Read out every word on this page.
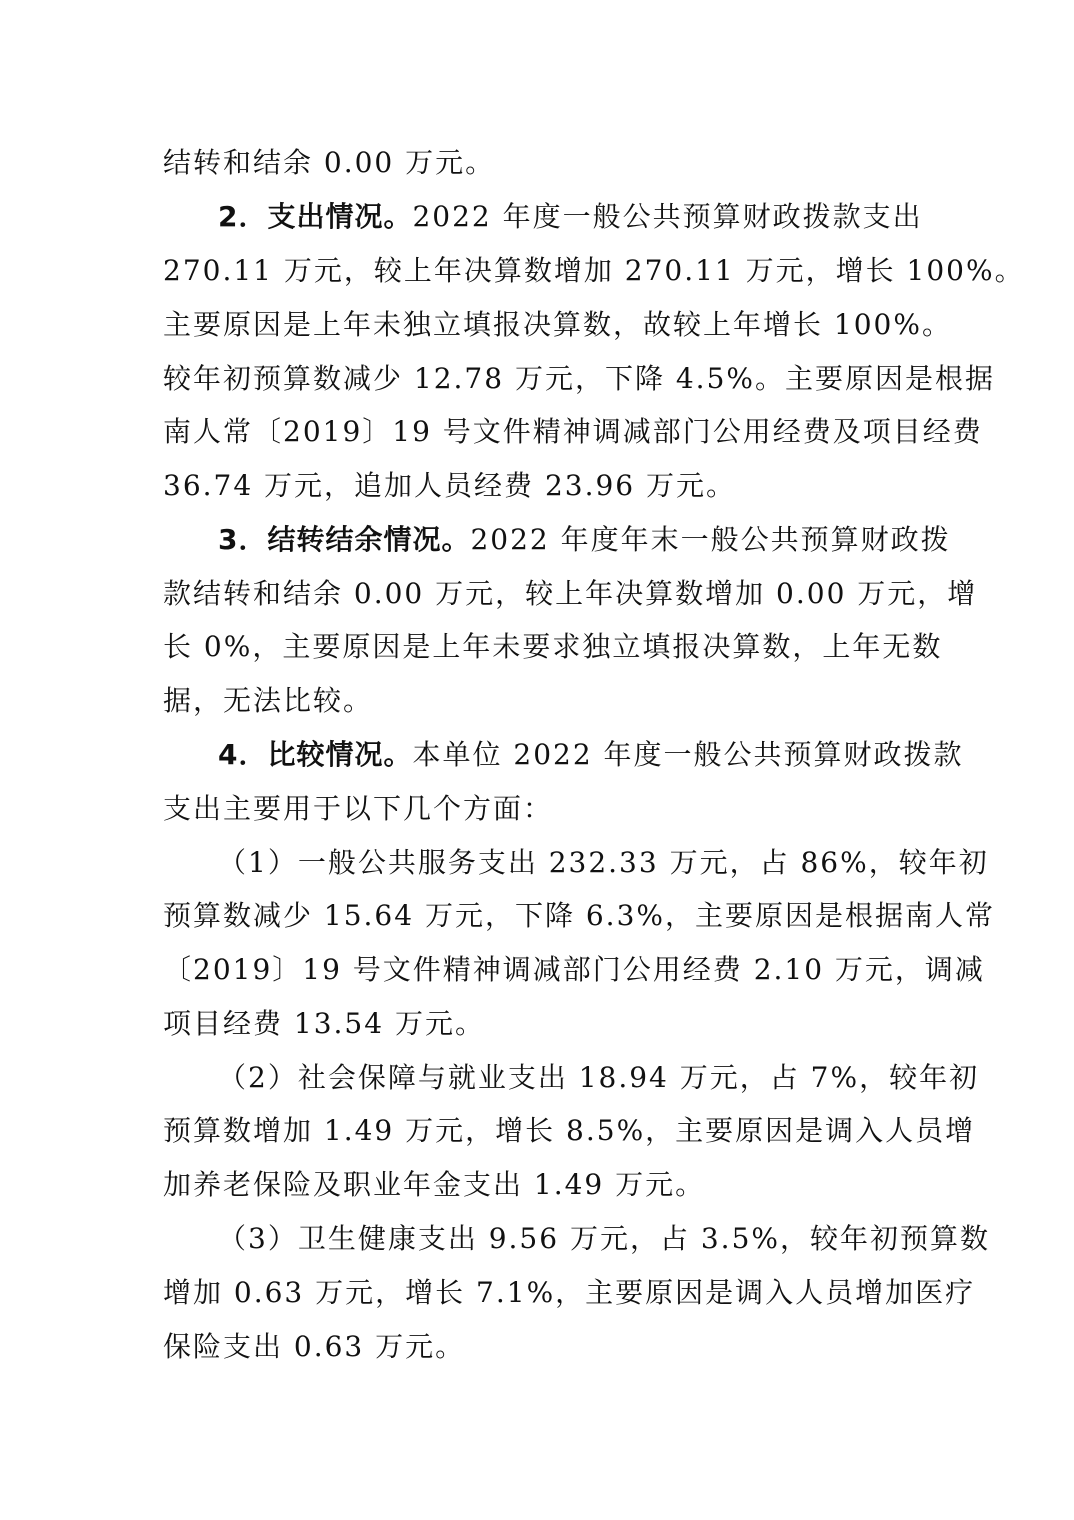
结转和结余 0.00 万元。
2．支出情况。2022 年度一般公共预算财政拨款支出
270.11 万元，较上年决算数增加 270.11 万元，增长 100%。
主要原因是上年未独立填报决算数，故较上年增长 100%。
较年初预算数减少 12.78 万元，下降 4.5%。主要原因是根据
南人常〔2019〕19 号文件精神调减部门公用经费及项目经费
36.74 万元，追加人员经费 23.96 万元。
3．结转结余情况。2022 年度年末一般公共预算财政拨
款结转和结余 0.00 万元，较上年决算数增加 0.00 万元，增
长 0%，主要原因是上年未要求独立填报决算数，上年无数
据，无法比较。
4．比较情况。本单位 2022 年度一般公共预算财政拨款
支出主要用于以下几个方面：
（1）一般公共服务支出 232.33 万元，占 86%，较年初
预算数减少 15.64 万元，下降 6.3%，主要原因是根据南人常
〔2019〕19 号文件精神调减部门公用经费 2.10 万元，调减
项目经费 13.54 万元。
（2）社会保障与就业支出 18.94 万元，占 7%，较年初
预算数增加 1.49 万元，增长 8.5%，主要原因是调入人员增
加养老保险及职业年金支出 1.49 万元。
（3）卫生健康支出 9.56 万元，占 3.5%，较年初预算数
增加 0.63 万元，增长 7.1%，主要原因是调入人员增加医疗
保险支出 0.63 万元。
